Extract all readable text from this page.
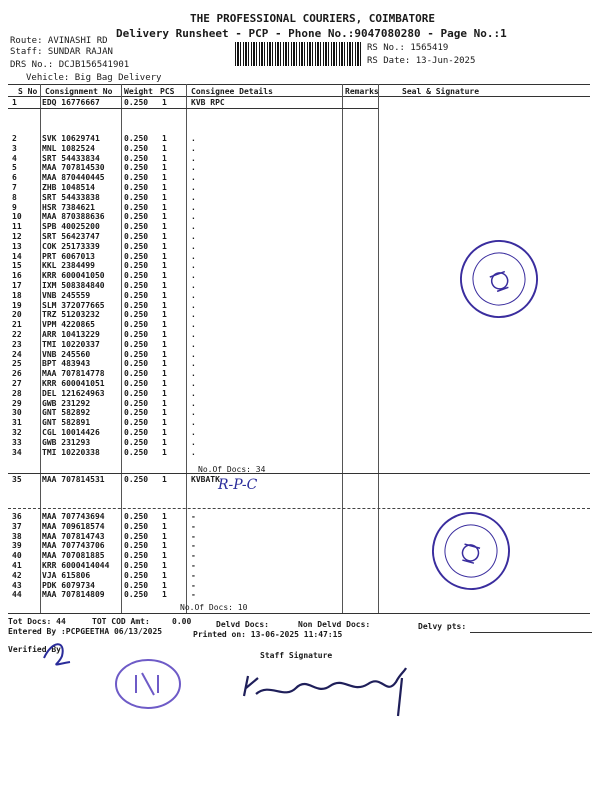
THE PROFESSIONAL COURIERS, COIMBATORE
Delivery Runsheet - PCP - Phone No.:9047080280 - Page No.:1
Route: AVINASHI RD
Staff: SUNDAR RAJAN
DRS No.: DCJB156541901
Vehicle: Big Bag Delivery
RS No.: 1565419
RS Date: 13-Jun-2025
S No Consignment No Weight PCS Consignee Details	Remarks	Seal & Signature
1	EDQ 16776667	0.250 1	KVB RPC
2	SVK 10629741	0.250 1	.
3	MNL 1082524	0.250 1	.
4	SRT 54433834	0.250 1	.
5	MAA 707814530 0.250 1	.
6	MAA 870440445 0.250 1	.
7	ZHB 1048514	0.250 1	.
8	SRT 54433838	0.250 1	.
9	HSR 7384621	0.250 1	.
10	MAA 870388636 0.250 1	.
11	SPB 40025200	0.250 1	.
12	SRT 56423747	0.250 1	.
13	COK 25173339	0.250 1	.
14	PRT 6067013	0.250 1	.
15	KKL 2384499	0.250 1	.
16	KRR 600041050 0.250 1	.
17	IXM 508384840 0.250 1	.
18	VNB 245559	0.250 1	.
19	SLM 372077665 0.250 1	.
20	TRZ 51203232	0.250 1	.
21	VPM 4220865	0.250 1	.
22	ARR 10413229	0.250 1	.
23	TMI 10220337	0.250 1	.
24	VNB 245560	0.250 1	.
25	BPT 483943	0.250 1	.
26	MAA 707814778 0.250 1	.
27	KRR 600041051 0.250 1	.
28	DEL 121624963 0.250 1	.
29	GWB 231292	0.250 1	.
30	GNT 582892	0.250 1	.
31	GNT 582891	0.250 1	.
32	CGL 10014426	0.250 1	.
33	GWB 231293	0.250 1	.
34	TMI 10220338	0.250 1	.
35	MAA 707814531 0.250 1	KVBATK
36	MAA 707743694 0.250 1	-
37	MAA 709618574 0.250 1	-
38	MAA 707814743 0.250 1	-
39	MAA 707743706 0.250 1	-
40	MAA 707081885 0.250 1	-
41	KRR 6000414044 0.250 1	-
42	VJA 615806	0.250 1	-
43	PDK 6079734	0.250 1	-
44	MAA 707814809 0.250 1	-
No.Of Docs: 34
No.Of Docs: 10
R-P-C
Tot Docs: 44	TOT COD Amt:	0.00	Delvd Docs:	Non Delvd Docs:	Delvy pts:
Entered By :PCPGEETHA 06/13/2025	Printed on: 13-06-2025 11:47:15
Verified By
Staff Signature
